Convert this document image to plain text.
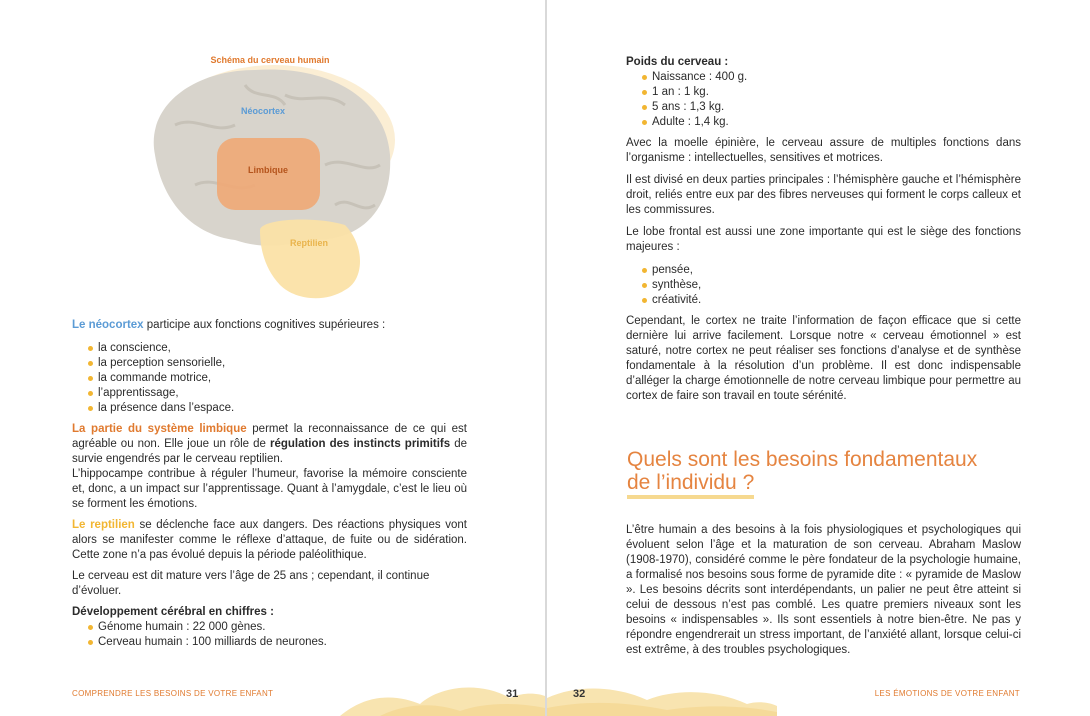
Schéma du cerveau humain
Néocortex
Limbique
Reptilien

Le néocortex participe aux fonctions cognitives supérieures :

la conscience,
la perception sensorielle,
la commande motrice,
l’apprentissage,
la présence dans l’espace.

La partie du système limbique permet la reconnaissance de ce qui est agréable ou non. Elle joue un rôle de régulation des instincts primitifs de survie engendrés par le cerveau reptilien.

L’hippocampe contribue à réguler l’humeur, favorise la mémoire consciente et, donc, a un impact sur l’apprentissage. Quant à l’amygdale, c’est le lieu où se forment les émotions.

Le reptilien se déclenche face aux dangers. Des réactions physiques vont alors se manifester comme le réflexe d’attaque, de fuite ou de sidération. Cette zone n’a pas évolué depuis la période paléolithique.

Le cerveau est dit mature vers l’âge de 25 ans ; cependant, il continue d’évoluer.

Développement cérébral en chiffres :

Génome humain : 22 000 gènes.
Cerveau humain : 100 milliards de neurones.
COMPRENDRE LES BESOINS DE VOTRE ENFANT	31	32	LES ÉMOTIONS DE VOTRE ENFANT

Poids du cerveau :

Naissance : 400 g.
1 an : 1 kg.
5 ans : 1,3 kg.
Adulte : 1,4 kg.

Avec la moelle épinière, le cerveau assure de multiples fonctions dans l’organisme : intellectuelles, sensitives et motrices.

Il est divisé en deux parties principales : l’hémisphère gauche et l’hémisphère droit, reliés entre eux par des fibres nerveuses qui forment le corps calleux et les commissures.

Le lobe frontal est aussi une zone importante qui est le siège des fonctions majeures :

pensée,
synthèse,
créativité.

Cependant, le cortex ne traite l’information de façon efficace que si cette dernière lui arrive facilement. Lorsque notre « cerveau émotionnel » est saturé, notre cortex ne peut réaliser ses fonctions d’analyse et de synthèse fondamentale à la résolution d’un problème. Il est donc indispensable d’alléger la charge émotionnelle de notre cerveau limbique pour permettre au cortex de faire son travail en toute sérénité.

Quels sont les besoins fondamentaux
de l’individu ?

L’être humain a des besoins à la fois physiologiques et psychologiques qui évoluent selon l’âge et la maturation de son cerveau. Abraham Maslow (1908-1970), considéré comme le père fondateur de la psychologie humaine, a formalisé nos besoins sous forme de pyramide dite : « pyramide de Maslow ». Les besoins décrits sont interdépendants, un palier ne peut être atteint si celui de dessous n’est pas comblé. Les quatre premiers niveaux sont les besoins « indispensables ». Ils sont essentiels à notre bien-être. Ne pas y répondre engendrerait un stress important, de l’anxiété allant, lorsque celui-ci est extrême, à des troubles psychologiques.
